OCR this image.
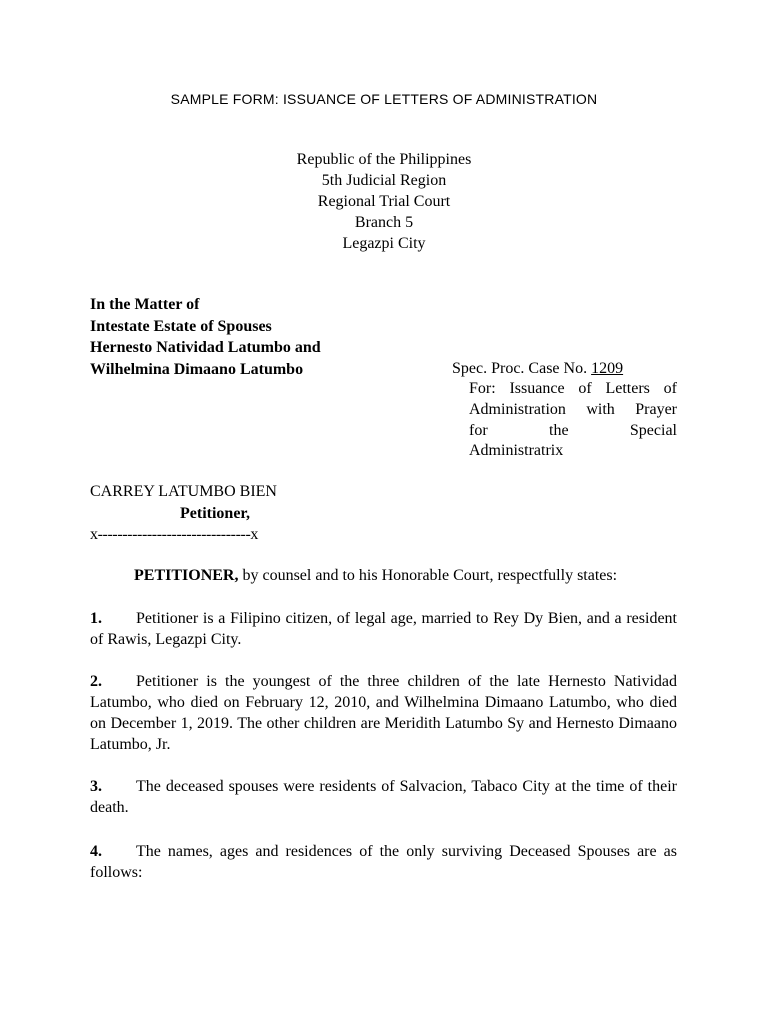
SAMPLE FORM: ISSUANCE OF LETTERS OF ADMINISTRATION
Republic of the Philippines
5th Judicial Region
Regional Trial Court
Branch 5
Legazpi City
In the Matter of
Intestate Estate of Spouses
Hernesto Natividad Latumbo and
Wilhelmina Dimaano Latumbo	Spec. Proc. Case No. 1209
For: Issuance of Letters of
Administration with Prayer
for the Special
Administratrix
CARREY LATUMBO BIEN
Petitioner,
x-------------------------------x
PETITIONER, by counsel and to his Honorable Court, respectfully states:
1. Petitioner is a Filipino citizen, of legal age, married to Rey Dy Bien, and a resident of Rawis, Legazpi City.
2. Petitioner is the youngest of the three children of the late Hernesto Natividad Latumbo, who died on February 12, 2010, and Wilhelmina Dimaano Latumbo, who died on December 1, 2019. The other children are Meridith Latumbo Sy and Hernesto Dimaano Latumbo, Jr.
3. The deceased spouses were residents of Salvacion, Tabaco City at the time of their death.
4. The names, ages and residences of the only surviving Deceased Spouses are as follows:
